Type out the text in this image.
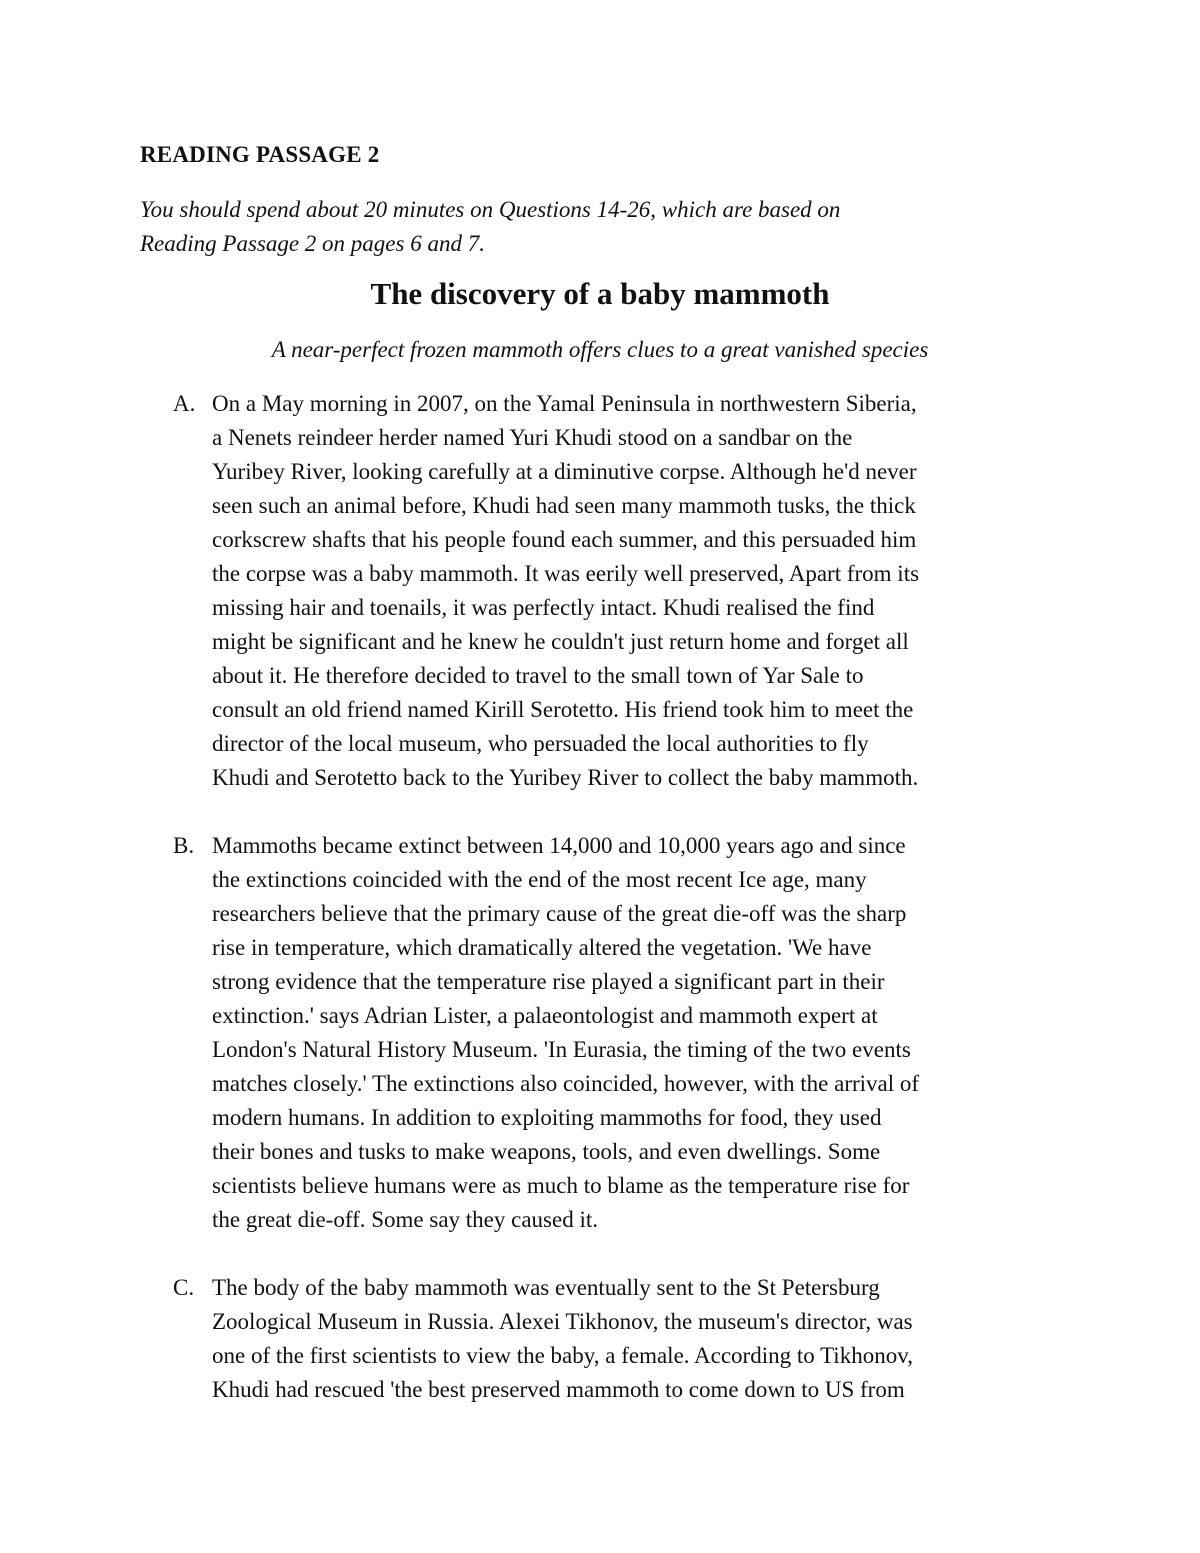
READING PASSAGE 2

You should spend about 20 minutes on Questions 14-26, which are based on
Reading Passage 2 on pages 6 and 7.

The discovery of a baby mammoth

A near-perfect frozen mammoth offers clues to a great vanished species

A. On a May morning in 2007, on the Yamal Peninsula in northwestern Siberia,
a Nenets reindeer herder named Yuri Khudi stood on a sandbar on the
Yuribey River, looking carefully at a diminutive corpse. Although he'd never
seen such an animal before, Khudi had seen many mammoth tusks, the thick
corkscrew shafts that his people found each summer, and this persuaded him
the corpse was a baby mammoth. It was eerily well preserved, Apart from its
missing hair and toenails, it was perfectly intact. Khudi realised the find
might be significant and he knew he couldn't just return home and forget all
about it. He therefore decided to travel to the small town of Yar Sale to
consult an old friend named Kirill Serotetto. His friend took him to meet the
director of the local museum, who persuaded the local authorities to fly
Khudi and Serotetto back to the Yuribey River to collect the baby mammoth.

B. Mammoths became extinct between 14,000 and 10,000 years ago and since
the extinctions coincided with the end of the most recent Ice age, many
researchers believe that the primary cause of the great die-off was the sharp
rise in temperature, which dramatically altered the vegetation. 'We have
strong evidence that the temperature rise played a significant part in their
extinction.' says Adrian Lister, a palaeontologist and mammoth expert at
London's Natural History Museum. 'In Eurasia, the timing of the two events
matches closely.' The extinctions also coincided, however, with the arrival of
modern humans. In addition to exploiting mammoths for food, they used
their bones and tusks to make weapons, tools, and even dwellings. Some
scientists believe humans were as much to blame as the temperature rise for
the great die-off. Some say they caused it.

C. The body of the baby mammoth was eventually sent to the St Petersburg
Zoological Museum in Russia. Alexei Tikhonov, the museum's director, was
one of the first scientists to view the baby, a female. According to Tikhonov,
Khudi had rescued 'the best preserved mammoth to come down to US from
